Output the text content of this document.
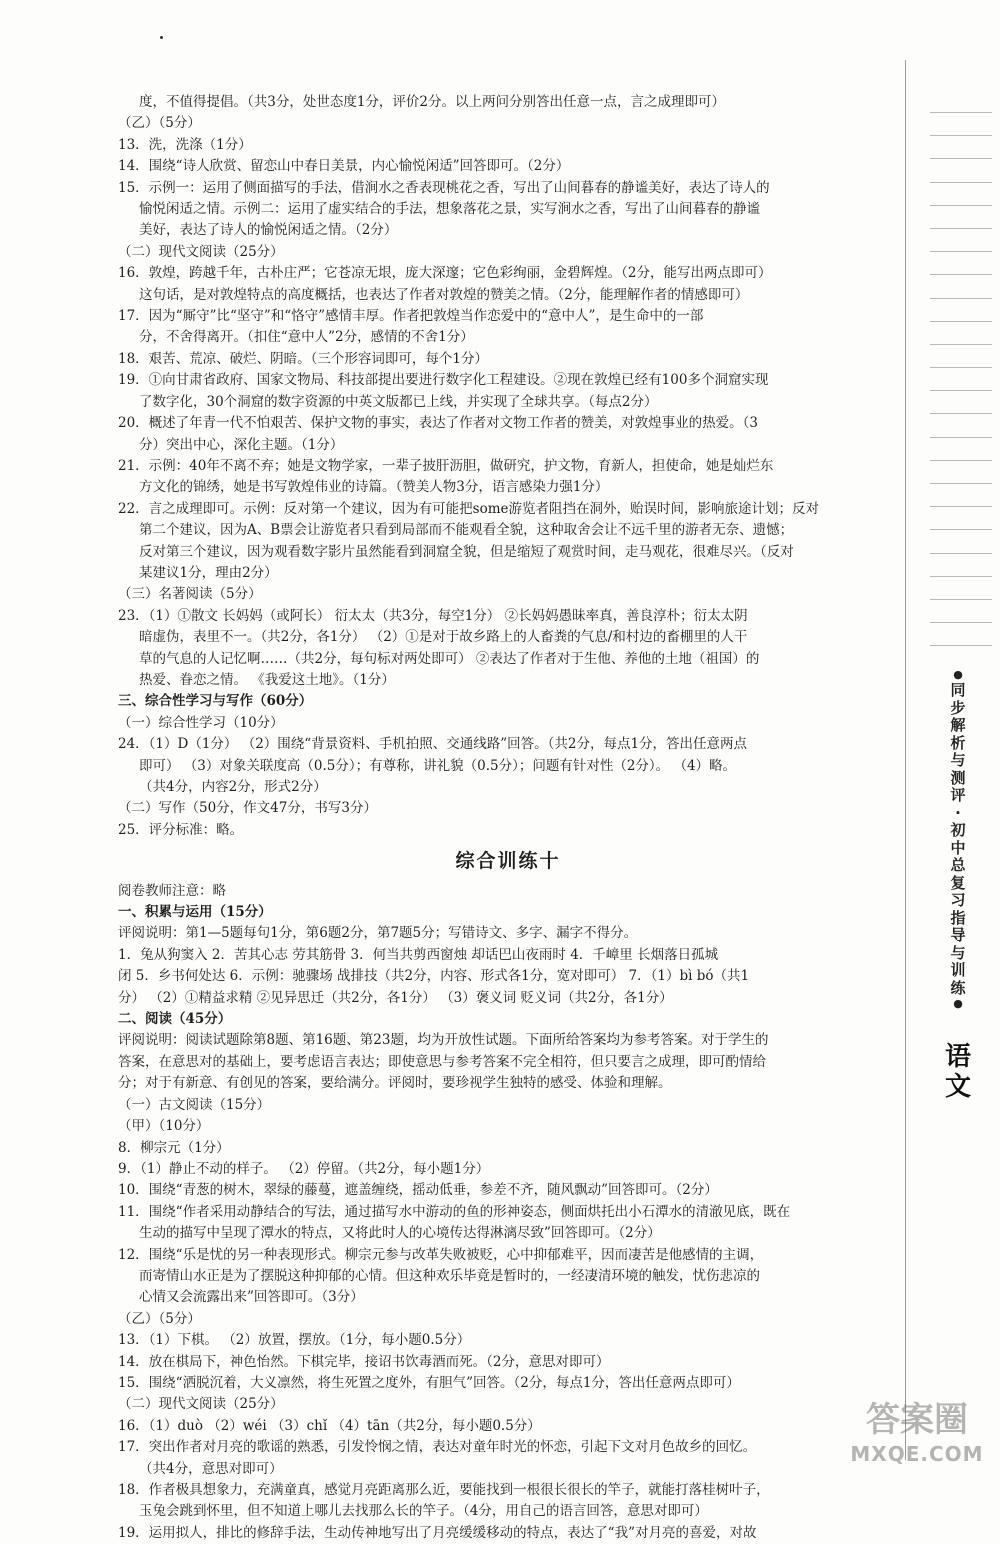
度，不值得提倡。（共3分，处世态度1分，评价2分。以上两问分别答出任意一点，言之成理即可）
（乙）（5分）
13．洗，洗涤（1分）
14．围绕“诗人欣赏、留恋山中春日美景，内心愉悦闲适”回答即可。（2分）
15．示例一：运用了侧面描写的手法，借涧水之香表现桃花之香，写出了山间暮春的静谧美好，表达了诗人的
愉悦闲适之情。示例二：运用了虚实结合的手法，想象落花之景，实写涧水之香，写出了山间暮春的静谧
美好，表达了诗人的愉悦闲适之情。（2分）
（二）现代文阅读（25分）
16．敦煌，跨越千年，古朴庄严；它苍凉无垠，庞大深邃；它色彩绚丽，金碧辉煌。（2分，能写出两点即可）
这句话，是对敦煌特点的高度概括，也表达了作者对敦煌的赞美之情。（2分，能理解作者的情感即可）
17．因为“厮守”比“坚守”和“恪守”感情丰厚。作者把敦煌当作恋爱中的“意中人”，是生命中的一部
分，不舍得离开。（扣住“意中人”2分，感情的不舍1分）
18．艰苦、荒凉、破烂、阴暗。（三个形容词即可，每个1分）
19．①向甘肃省政府、国家文物局、科技部提出要进行数字化工程建设。②现在敦煌已经有100多个洞窟实现
了数字化，30个洞窟的数字资源的中英文版都已上线，并实现了全球共享。（每点2分）
20．概述了年青一代不怕艰苦、保护文物的事实，表达了作者对文物工作者的赞美，对敦煌事业的热爱。（3
分）突出中心，深化主题。（1分）
21．示例：40年不离不弃；她是文物学家，一辈子披肝沥胆，做研究，护文物，育新人，担使命，她是灿烂东
方文化的锦绣，她是书写敦煌伟业的诗篇。（赞美人物3分，语言感染力强1分）
22．言之成理即可。示例：反对第一个建议，因为有可能把some游览者阻挡在洞外，贻误时间，影响旅途计划；反对
第二个建议，因为A、B票会让游览者只看到局部而不能观看全貌，这种取舍会让不远千里的游者无奈、遗憾；
反对第三个建议，因为观看数字影片虽然能看到洞窟全貌，但是缩短了观赏时间，走马观花，很难尽兴。（反对
某建议1分，理由2分）
（三）名著阅读（5分）
23．（1）①散文 长妈妈（或阿长） 衍太太（共3分，每空1分） ②长妈妈愚昧率真，善良淳朴；衍太太阴
暗虚伪，表里不一。（共2分，各1分） （2）①是对于故乡路上的人畜粪的气息/和村边的畜棚里的人干
草的气息的人记忆啊……（共2分，每句标对两处即可） ②表达了作者对于生他、养他的土地（祖国）的
热爱、眷恋之情。 《我爱这土地》。（1分）
三、综合性学习与写作（60分）
（一）综合性学习（10分）
24．（1）D（1分） （2）围绕“背景资料、手机拍照、交通线路”回答。（共2分，每点1分，答出任意两点
即可） （3）对象关联度高（0.5分）；有尊称，讲礼貌（0.5分）；问题有针对性（2分）。 （4）略。
（共4分，内容2分，形式2分）
（二）写作（50分，作文47分，书写3分）
25．评分标准：略。
综合训练十
阅卷教师注意：略
一、积累与运用（15分）
评阅说明：第1—5题每句1分，第6题2分，第7题5分；写错诗文、多字、漏字不得分。
1．兔从狗窦入 2．苦其心志 劳其筋骨 3．何当共剪西窗烛 却话巴山夜雨时 4．千嶂里 长烟落日孤城
闭 5．乡书何处达 6．示例：驰骤场 战排技（共2分，内容、形式各1分，宽对即可） 7．（1）bì bó（共1
分） （2）①精益求精 ②见异思迁（共2分，各1分） （3）褒义词 贬义词（共2分，各1分）
二、阅读（45分）
评阅说明：阅读试题除第8题、第16题、第23题，均为开放性试题。下面所给答案均为参考答案。对于学生的
答案，在意思对的基础上，要考虑语言表达；即使意思与参考答案不完全相符，但只要言之成理，即可酌情给
分；对于有新意、有创见的答案，要给满分。评阅时，要珍视学生独特的感受、体验和理解。
（一）古文阅读（15分）
（甲）（10分）
8．柳宗元（1分）
9．（1）静止不动的样子。 （2）停留。（共2分，每小题1分）
10．围绕“青葱的树木，翠绿的藤蔓，遮盖缠绕，摇动低垂，参差不齐，随风飘动”回答即可。（2分）
11．围绕“作者采用动静结合的写法，通过描写水中游动的鱼的形神姿态，侧面烘托出小石潭水的清澈见底，既在
生动的描写中呈现了潭水的特点，又将此时人的心境传达得淋漓尽致”回答即可。（2分）
12．围绕“乐是忧的另一种表现形式。柳宗元参与改革失败被贬，心中抑郁难平，因而凄苦是他感情的主调，
而寄情山水正是为了摆脱这种抑郁的心情。但这种欢乐毕竟是暂时的，一经凄清环境的触发，忧伤悲凉的
心情又会流露出来”回答即可。（3分）
（乙）（5分）
13．（1）下棋。 （2）放置，摆放。（1分，每小题0.5分）
14．放在棋局下，神色怡然。下棋完毕，接诏书饮毒酒而死。（2分，意思对即可）
15．围绕“洒脱沉着，大义凛然，将生死置之度外，有胆气”回答。（2分，每点1分，答出任意两点即可）
（二）现代文阅读（25分）
16．（1）duò （2）wéi （3）chǐ （4）tān（共2分，每小题0.5分）
17．突出作者对月亮的歌谣的熟悉，引发怜悯之情，表达对童年时光的怀恋，引起下文对月色故乡的回忆。
（共4分，意思对即可）
18．作者极具想象力，充满童真，感觉月亮距离那么近，要能找到一根很长很长的竿子，就能打落桂树叶子，
玉兔会跳到怀里，但不知道上哪儿去找那么长的竿子。（4分，用自己的语言回答，意思对即可）
19．运用拟人，排比的修辞手法，生动传神地写出了月亮缓缓移动的特点，表达了“我”对月亮的喜爱，对故
●
同
步
解
析
与
测
评
·
初
中
总
复
习
指
导
与
训
练
●
语
文
答案圈
MXQE.COM
